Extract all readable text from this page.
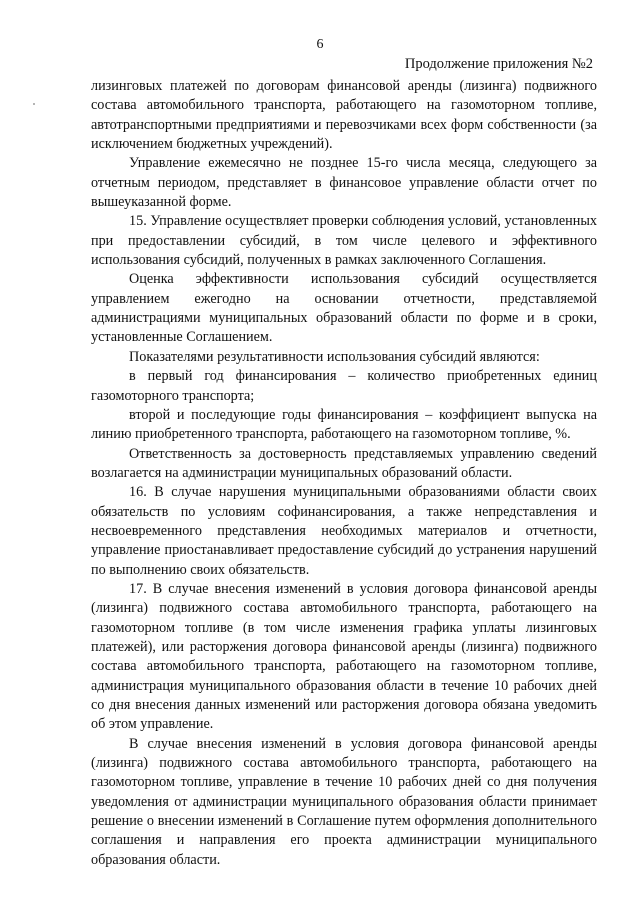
6
Продолжение приложения №2

лизинговых платежей по договорам финансовой аренды (лизинга) подвижного состава автомобильного транспорта, работающего на газомоторном топливе, автотранспортными предприятиями и перевозчиками всех форм собственности (за исключением бюджетных учреждений).

Управление ежемесячно не позднее 15-го числа месяца, следующего за отчетным периодом, представляет в финансовое управление области отчет по вышеуказанной форме.

15. Управление осуществляет проверки соблюдения условий, установленных при предоставлении субсидий, в том числе целевого и эффективного использования субсидий, полученных в рамках заключенного Соглашения.

Оценка эффективности использования субсидий осуществляется управлением ежегодно на основании отчетности, представляемой администрациями муниципальных образований области по форме и в сроки, установленные Соглашением.

Показателями результативности использования субсидий являются:

в первый год финансирования – количество приобретенных единиц газомоторного транспорта;

второй и последующие годы финансирования – коэффициент выпуска на линию приобретенного транспорта, работающего на газомоторном топливе, %.

Ответственность за достоверность представляемых управлению сведений возлагается на администрации муниципальных образований области.

16. В случае нарушения муниципальными образованиями области своих обязательств по условиям софинансирования, а также непредставления и несвоевременного представления необходимых материалов и отчетности, управление приостанавливает предоставление субсидий до устранения нарушений по выполнению своих обязательств.

17. В случае внесения изменений в условия договора финансовой аренды (лизинга) подвижного состава автомобильного транспорта, работающего на газомоторном топливе (в том числе изменения графика уплаты лизинговых платежей), или расторжения договора финансовой аренды (лизинга) подвижного состава автомобильного транспорта, работающего на газомоторном топливе, администрация муниципального образования области в течение 10 рабочих дней со дня внесения данных изменений или расторжения договора обязана уведомить об этом управление.

В случае внесения изменений в условия договора финансовой аренды (лизинга) подвижного состава автомобильного транспорта, работающего на газомоторном топливе, управление в течение 10 рабочих дней со дня получения уведомления от администрации муниципального образования области принимает решение о внесении изменений в Соглашение путем оформления дополнительного соглашения и направления его проекта администрации муниципального образования области.
